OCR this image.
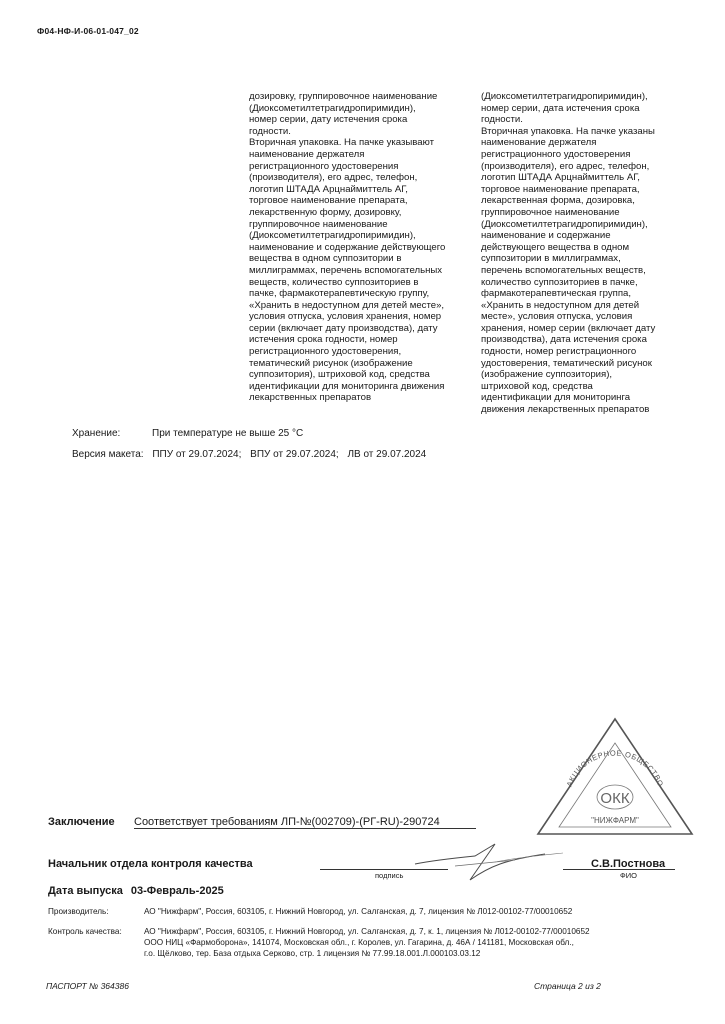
Ф04-НФ-И-06-01-047_02
дозировку, группировочное наименование
(Диоксометилтетрагидропиримидин),
номер серии, дату истечения срока
годности.
Вторичная упаковка. На пачке указывают
наименование держателя
регистрационного удостоверения
(производителя), его адрес, телефон,
логотип ШТАДА Арцнаймиттель АГ,
торговое наименование препарата,
лекарственную форму, дозировку,
группировочное наименование
(Диоксометилтетрагидропиримидин),
наименование и содержание действующего
вещества в одном суппозитории в
миллиграммах, перечень вспомогательных
веществ, количество суппозиториев в
пачке, фармакотерапевтическую группу,
«Хранить в недоступном для детей месте»,
условия отпуска, условия хранения, номер
серии (включает дату производства), дату
истечения срока годности, номер
регистрационного удостоверения,
тематический рисунок (изображение
суппозитория), штриховой код, средства
идентификации для мониторинга движения
лекарственных препаратов
(Диоксометилтетрагидропиримидин),
номер серии, дата истечения срока
годности.
Вторичная упаковка. На пачке указаны
наименование держателя
регистрационного удостоверения
(производителя), его адрес, телефон,
логотип ШТАДА Арцнаймиттель АГ,
торговое наименование препарата,
лекарственная форма, дозировка,
группировочное наименование
(Диоксометилтетрагидропиримидин),
наименование и содержание
действующего вещества в одном
суппозитории в миллиграммах,
перечень вспомогательных веществ,
количество суппозиториев в пачке,
фармакотерапевтическая группа,
«Хранить в недоступном для детей
месте», условия отпуска, условия
хранения, номер серии (включает дату
производства), дата истечения срока
годности, номер регистрационного
удостоверения, тематический рисунок
(изображение суппозитория),
штриховой код, средства
идентификации для мониторинга
движения лекарственных препаратов
Хранение:	При температуре не выше 25 °С
Версия макета: ППУ от 29.07.2024; ВПУ от 29.07.2024; ЛВ от 29.07.2024
АКЦИОНЕРНОЕ ОБЩЕСТВО
ОКК
"НИЖФАРМ"
Заключение Соответствует требованиям ЛП-№(002709)-(РГ-RU)-290724
Начальник отдела контроля качества
подпись
С.В.Постнова
ФИО
Дата выпуска 03-Февраль-2025
Производитель:	АО "Нижфарм", Россия, 603105, г. Нижний Новгород, ул. Салганская, д. 7, лицензия № Л012-00102-77/00010652
Контроль качества:	АО "Нижфарм", Россия, 603105, г. Нижний Новгород, ул. Салганская, д. 7, к. 1, лицензия № Л012-00102-77/00010652
ООО НИЦ «Фармоборона», 141074, Московская обл., г. Королев, ул. Гагарина, д. 46А / 141181, Московская обл.,
г.о. Щёлково, тер. База отдыха Серково, стр. 1 лицензия № 77.99.18.001.Л.000103.03.12
ПАСПОРТ № 364386	Страница 2 из 2
